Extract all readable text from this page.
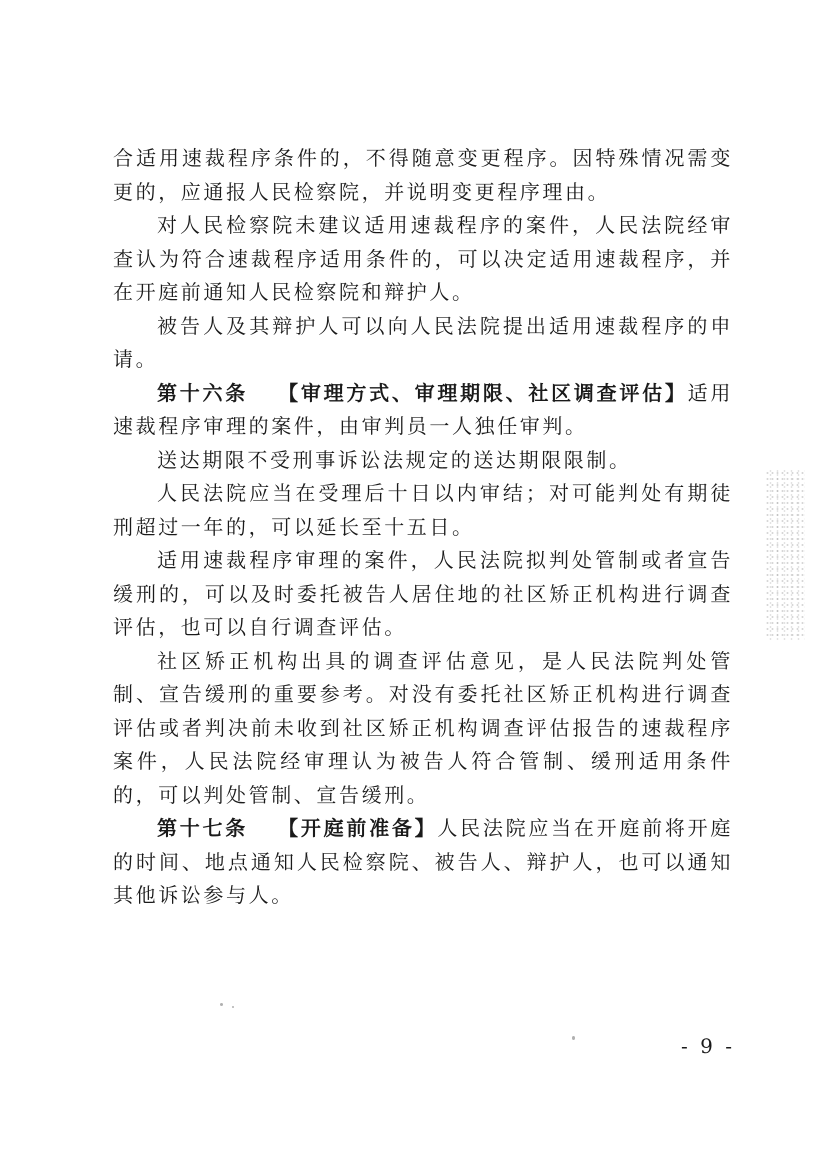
合适用速裁程序条件的，不得随意变更程序。因特殊情况需变更的，应通报人民检察院，并说明变更程序理由。

对人民检察院未建议适用速裁程序的案件，人民法院经审查认为符合速裁程序适用条件的，可以决定适用速裁程序，并在开庭前通知人民检察院和辩护人。

被告人及其辩护人可以向人民法院提出适用速裁程序的申请。

第十六条 【审理方式、审理期限、社区调查评估】适用速裁程序审理的案件，由审判员一人独任审判。

送达期限不受刑事诉讼法规定的送达期限限制。

人民法院应当在受理后十日以内审结；对可能判处有期徒刑超过一年的，可以延长至十五日。

适用速裁程序审理的案件，人民法院拟判处管制或者宣告缓刑的，可以及时委托被告人居住地的社区矫正机构进行调查评估，也可以自行调查评估。

社区矫正机构出具的调查评估意见，是人民法院判处管制、宣告缓刑的重要参考。对没有委托社区矫正机构进行调查评估或者判决前未收到社区矫正机构调查评估报告的速裁程序案件，人民法院经审理认为被告人符合管制、缓刑适用条件的，可以判处管制、宣告缓刑。

第十七条 【开庭前准备】人民法院应当在开庭前将开庭的时间、地点通知人民检察院、被告人、辩护人，也可以通知其他诉讼参与人。

- 9 -
